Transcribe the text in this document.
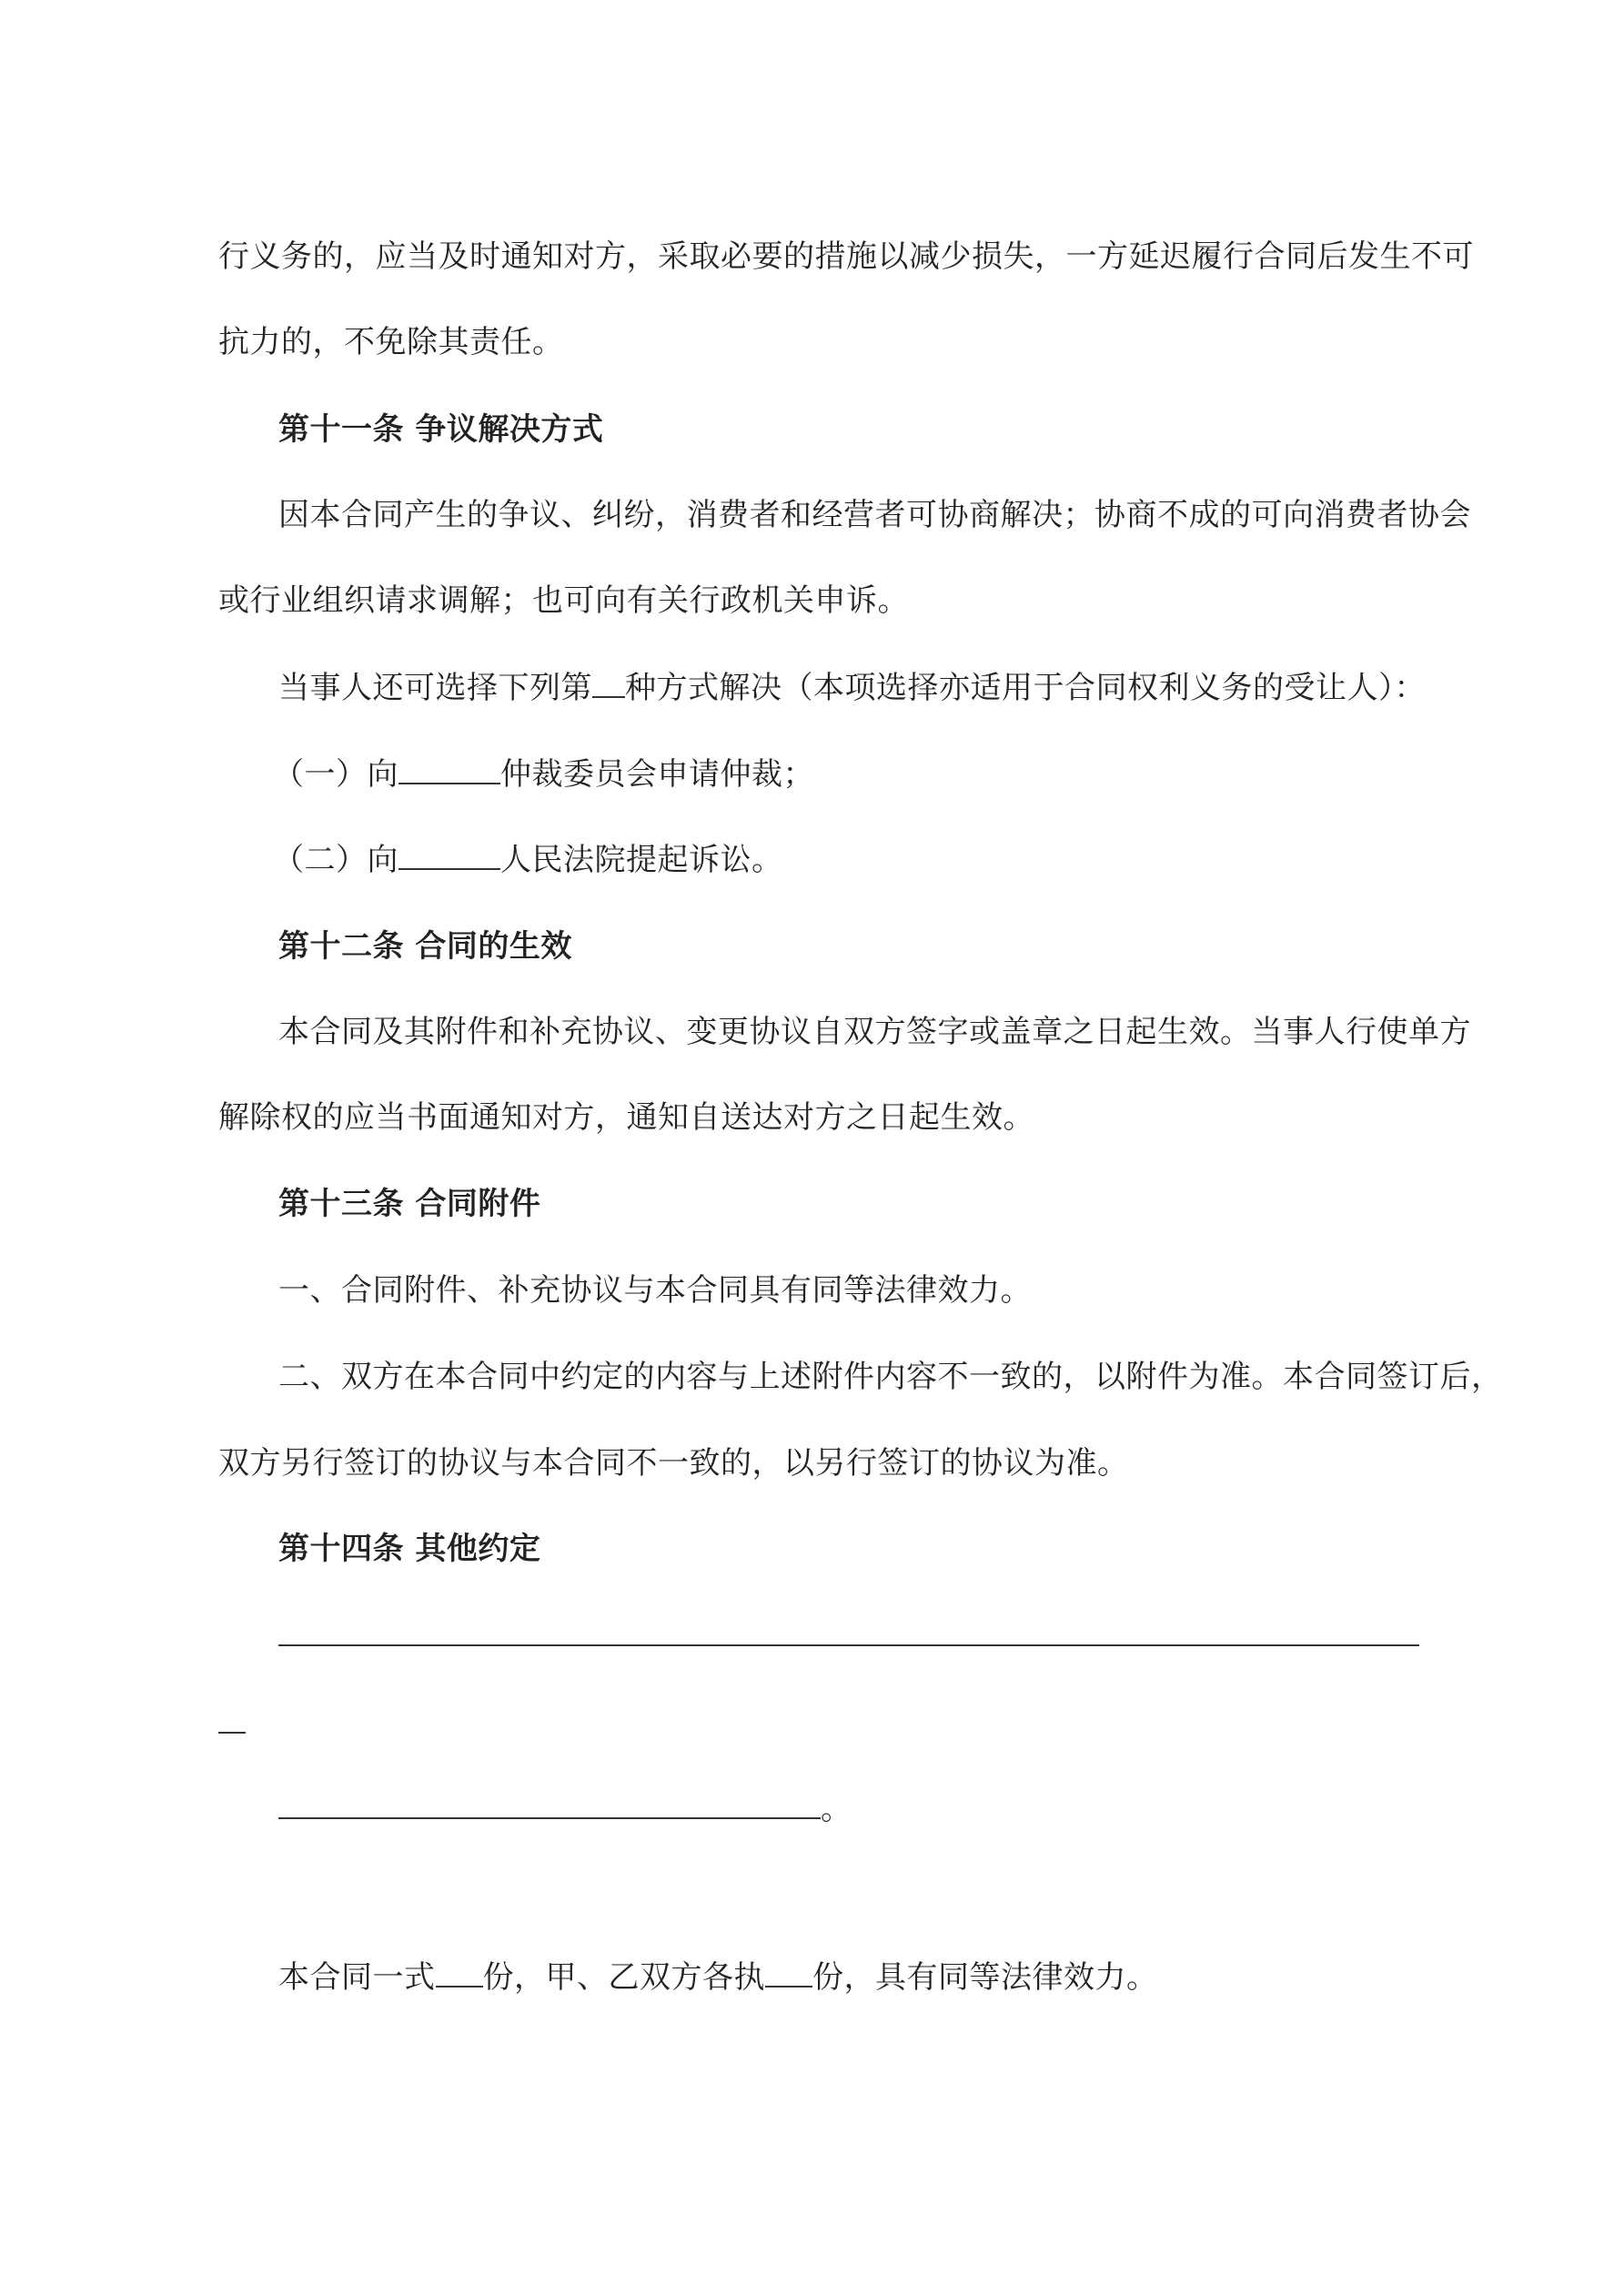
行义务的，应当及时通知对方，采取必要的措施以减少损失，一方延迟履行合同后发生不可
抗力的，不免除其责任。
第十一条 争议解决方式
因本合同产生的争议、纠纷，消费者和经营者可协商解决；协商不成的可向消费者协会
或行业组织请求调解；也可向有关行政机关申诉。
当事人还可选择下列第 种方式解决（本项选择亦适用于合同权利义务的受让人）：
（一）向	仲裁委员会申请仲裁；
（二）向	人民法院提起诉讼。
第十二条 合同的生效
本合同及其附件和补充协议、变更协议自双方签字或盖章之日起生效。当事人行使单方
解除权的应当书面通知对方，通知自送达对方之日起生效。
第十三条 合同附件
一、合同附件、补充协议与本合同具有同等法律效力。
二、双方在本合同中约定的内容与上述附件内容不一致的，以附件为准。本合同签订后，
双方另行签订的协议与本合同不一致的，以另行签订的协议为准。
第十四条 其他约定
。
本合同一式 份，甲、乙双方各执 份，具有同等法律效力。
